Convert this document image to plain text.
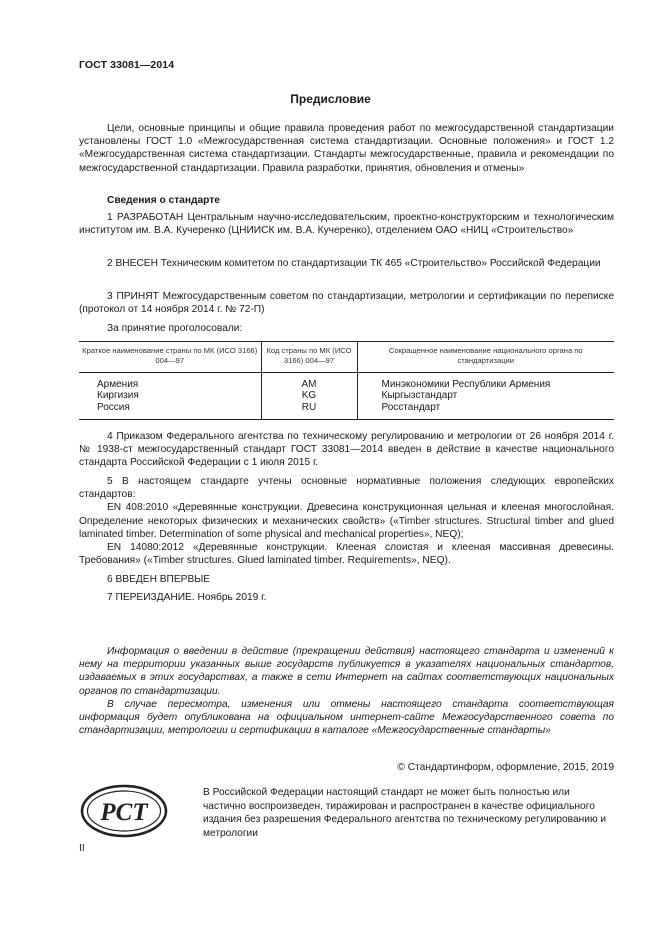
ГОСТ 33081—2014
Предисловие

Цели, основные принципы и общие правила проведения работ по межгосударственной стандартизации установлены ГОСТ 1.0 «Межгосударственная система стандартизации. Основные положения» и ГОСТ 1.2 «Межгосударственная система стандартизации. Стандарты межгосударственные, правила и рекомендации по межгосударственной стандартизации. Правила разработки, принятия, обновления и отмены»

Сведения о стандарте

1 РАЗРАБОТАН Центральным научно-исследовательским, проектно-конструкторским и технологическим институтом им. В.А. Кучеренко (ЦНИИСК им. В.А. Кучеренко), отделением ОАО «НИЦ «Строительство»

2 ВНЕСЕН Техническим комитетом по стандартизации ТК 465 «Строительство» Российской Федерации

3 ПРИНЯТ Межгосударственным советом по стандартизации, метрологии и сертификации по переписке (протокол от 14 ноября 2014 г. № 72-П)

За принятие проголосовали:

Краткое наименование страны по МК (ИСО 3166) 004—97	Код страны по МК (ИСО 3166) 004—97	Сокращенное наименование национального органа по стандартизации
Армения	AM	Минэкономики Республики Армения
Киргизия	KG	Кыргызстандарт
Россия	RU	Росстандарт

4 Приказом Федерального агентства по техническому регулированию и метрологии от 26 ноября 2014 г. № 1938-ст межгосударственный стандарт ГОСТ 33081—2014 введен в действие в качестве национального стандарта Российской Федерации с 1 июля 2015 г.

5 В настоящем стандарте учтены основные нормативные положения следующих европейских стандартов:

EN 408:2010 «Деревянные конструкции. Древесина конструкционная цельная и клееная многослойная. Определение некоторых физических и механических свойств» («Timber structures. Structural timber and glued laminated timber. Determination of some physical and mechanical properties», NEQ);

EN 14080:2012 «Деревянные конструкции. Клееная слоистая и клееная массивная древесины. Требования» («Timber structures. Glued laminated timber. Requirements», NEQ).

6 ВВЕДЕН ВПЕРВЫЕ

7 ПЕРЕИЗДАНИЕ. Ноябрь 2019 г.

Информация о введении в действие (прекращении действия) настоящего стандарта и изменений к нему на территории указанных выше государств публикуется в указателях национальных стандартов, издаваемых в этих государствах, а также в сети Интернет на сайтах соответствующих национальных органов по стандартизации.

В случае пересмотра, изменения или отмены настоящего стандарта соответствующая информация будет опубликована на официальном интернет-сайте Межгосударственного совета по стандартизации, метрологии и сертификации в каталоге «Межгосударственные стандарты»

© Стандартинформ, оформление, 2015, 2019
РСТ
В Российской Федерации настоящий стандарт не может быть полностью или частично воспроизведен, тиражирован и распространен в качестве официального издания без разрешения Федерального агентства по техническому регулированию и метрологии
II
